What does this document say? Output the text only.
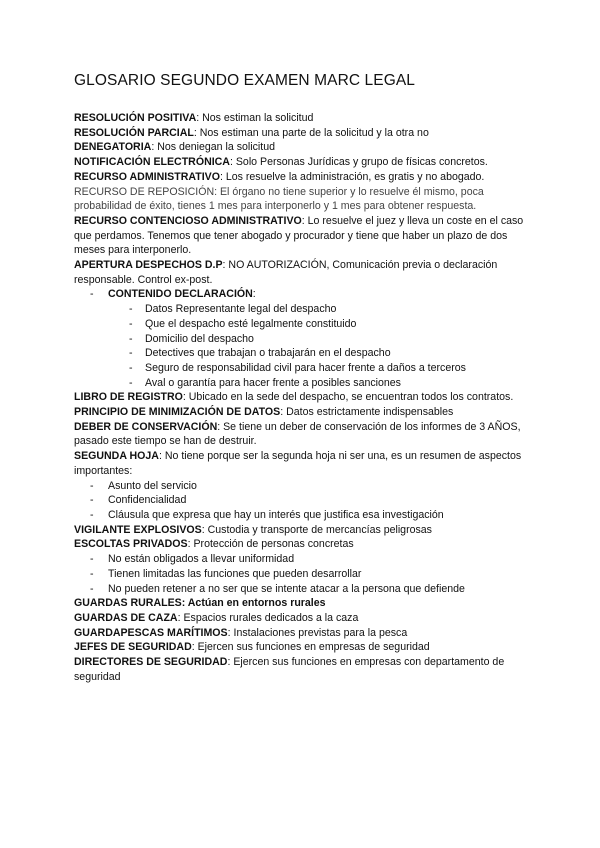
GLOSARIO SEGUNDO EXAMEN MARC LEGAL

RESOLUCIÓN POSITIVA: Nos estiman la solicitud

RESOLUCIÓN PARCIAL: Nos estiman una parte de la solicitud y la otra no

DENEGATORIA: Nos deniegan la solicitud

NOTIFICACIÓN ELECTRÓNICA: Solo Personas Jurídicas y grupo de físicas concretos.

RECURSO ADMINISTRATIVO: Los resuelve la administración, es gratis y no abogado.

RECURSO DE REPOSICIÓN: El órgano no tiene superior y lo resuelve él mismo, poca probabilidad de éxito, tienes 1 mes para interponerlo y 1 mes para obtener respuesta.

RECURSO CONTENCIOSO ADMINISTRATIVO: Lo resuelve el juez y lleva un coste en el caso que perdamos. Tenemos que tener abogado y procurador y tiene que haber un plazo de dos meses para interponerlo.

APERTURA DESPECHOS D.P: NO AUTORIZACIÓN, Comunicación previa o declaración responsable. Control ex-post.

- CONTENIDO DECLARACIÓN:
- Datos Representante legal del despacho
- Que el despacho esté legalmente constituido
- Domicilio del despacho
- Detectives que trabajan o trabajarán en el despacho
- Seguro de responsabilidad civil para hacer frente a daños a terceros
- Aval o garantía para hacer frente a posibles sanciones

LIBRO DE REGISTRO: Ubicado en la sede del despacho, se encuentran todos los contratos.

PRINCIPIO DE MINIMIZACIÓN DE DATOS: Datos estrictamente indispensables

DEBER DE CONSERVACIÓN: Se tiene un deber de conservación de los informes de 3 AÑOS, pasado este tiempo se han de destruir.

SEGUNDA HOJA: No tiene porque ser la segunda hoja ni ser una, es un resumen de aspectos importantes:

- Asunto del servicio
- Confidencialidad
- Cláusula que expresa que hay un interés que justifica esa investigación

VIGILANTE EXPLOSIVOS: Custodia y transporte de mercancías peligrosas

ESCOLTAS PRIVADOS: Protección de personas concretas

- No están obligados a llevar uniformidad
- Tienen limitadas las funciones que pueden desarrollar
- No pueden retener a no ser que se intente atacar a la persona que defiende

GUARDAS RURALES: Actúan en entornos rurales

GUARDAS DE CAZA: Espacios rurales dedicados a la caza

GUARDAPESCAS MARÍTIMOS: Instalaciones previstas para la pesca

JEFES DE SEGURIDAD: Ejercen sus funciones en empresas de seguridad

DIRECTORES DE SEGURIDAD: Ejercen sus funciones en empresas con departamento de seguridad
